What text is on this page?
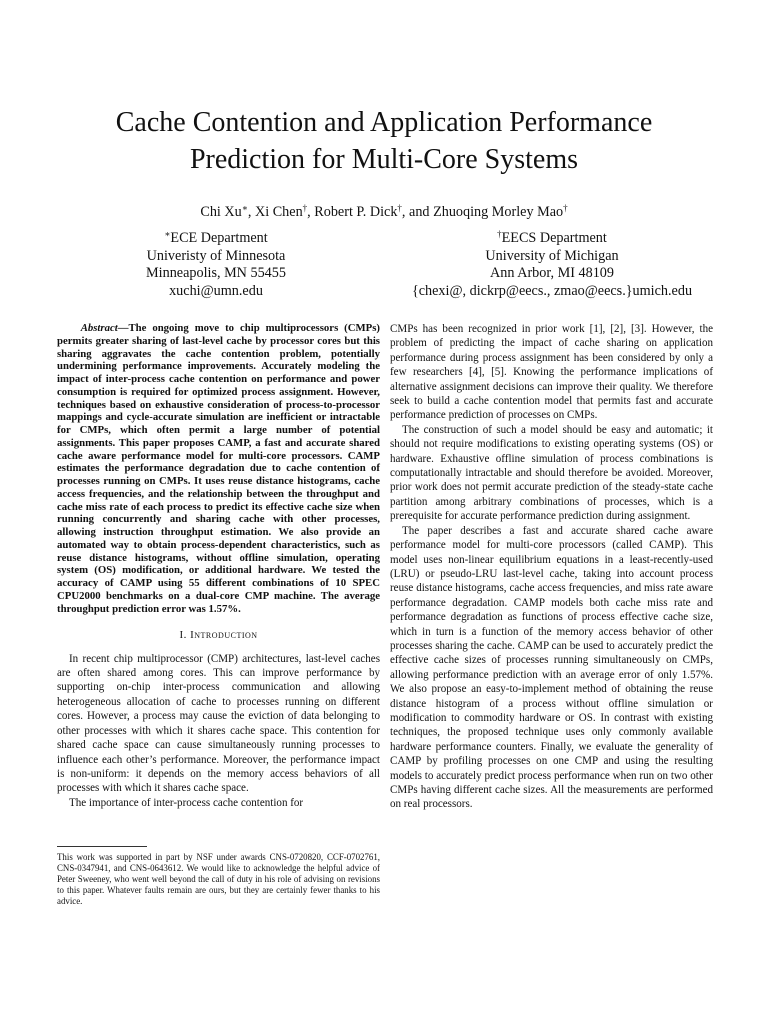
Cache Contention and Application Performance
Prediction for Multi-Core Systems
Chi Xu∗, Xi Chen†, Robert P. Dick†, and Zhuoqing Morley Mao†
∗ECE Department
Univeristy of Minnesota
Minneapolis, MN 55455
xuchi@umn.edu
†EECS Department
University of Michigan
Ann Arbor, MI 48109
{chexi@, dickrp@eecs., zmao@eecs.}umich.edu

Abstract—The ongoing move to chip multiprocessors (CMPs) permits greater sharing of last-level cache by processor cores but this sharing aggravates the cache contention problem, potentially undermining performance improvements. Accurately modeling the impact of inter-process cache contention on performance and power consumption is required for optimized process assignment. However, techniques based on exhaustive consideration of process-to-processor mappings and cycle-accurate simulation are inefficient or intractable for CMPs, which often permit a large number of potential assignments. This paper proposes CAMP, a fast and accurate shared cache aware performance model for multi-core processors. CAMP estimates the performance degradation due to cache contention of processes running on CMPs. It uses reuse distance histograms, cache access frequencies, and the relationship between the throughput and cache miss rate of each process to predict its effective cache size when running concurrently and sharing cache with other processes, allowing instruction throughput estimation. We also provide an automated way to obtain process-dependent characteristics, such as reuse distance histograms, without offline simulation, operating system (OS) modification, or additional hardware. We tested the accuracy of CAMP using 55 different combinations of 10 SPEC CPU2000 benchmarks on a dual-core CMP machine. The average throughput prediction error was 1.57%.

I. Introduction

In recent chip multiprocessor (CMP) architectures, last-level caches are often shared among cores. This can improve performance by supporting on-chip inter-process communication and allowing heterogeneous allocation of cache to processes running on different cores. However, a process may cause the eviction of data belonging to other processes with which it shares cache space. This contention for shared cache space can cause simultaneously running processes to influence each other’s performance. Moreover, the performance impact is non-uniform: it depends on the memory access behaviors of all processes with which it shares cache space.

The importance of inter-process cache contention for

This work was supported in part by NSF under awards CNS-0720820, CCF-0702761, CNS-0347941, and CNS-0643612. We would like to acknowledge the helpful advice of Peter Sweeney, who went well beyond the call of duty in his role of advising on revisions to this paper. Whatever faults remain are ours, but they are certainly fewer thanks to his advice.

CMPs has been recognized in prior work [1], [2], [3]. However, the problem of predicting the impact of cache sharing on application performance during process assignment has been considered by only a few researchers [4], [5]. Knowing the performance implications of alternative assignment decisions can improve their quality. We therefore seek to build a cache contention model that permits fast and accurate performance prediction of processes on CMPs.

The construction of such a model should be easy and automatic; it should not require modifications to existing operating systems (OS) or hardware. Exhaustive offline simulation of process combinations is computationally intractable and should therefore be avoided. Moreover, prior work does not permit accurate prediction of the steady-state cache partition among arbitrary combinations of processes, which is a prerequisite for accurate performance prediction during assignment.

The paper describes a fast and accurate shared cache aware performance model for multi-core processors (called CAMP). This model uses non-linear equilibrium equations in a least-recently-used (LRU) or pseudo-LRU last-level cache, taking into account process reuse distance histograms, cache access frequencies, and miss rate aware performance degradation. CAMP models both cache miss rate and performance degradation as functions of process effective cache size, which in turn is a function of the memory access behavior of other processes sharing the cache. CAMP can be used to accurately predict the effective cache sizes of processes running simultaneously on CMPs, allowing performance prediction with an average error of only 1.57%. We also propose an easy-to-implement method of obtaining the reuse distance histogram of a process without offline simulation or modification to commodity hardware or OS. In contrast with existing techniques, the proposed technique uses only commonly available hardware performance counters. Finally, we evaluate the generality of CAMP by profiling processes on one CMP and using the resulting models to accurately predict process performance when run on two other CMPs having different cache sizes. All the measurements are performed on real processors.
